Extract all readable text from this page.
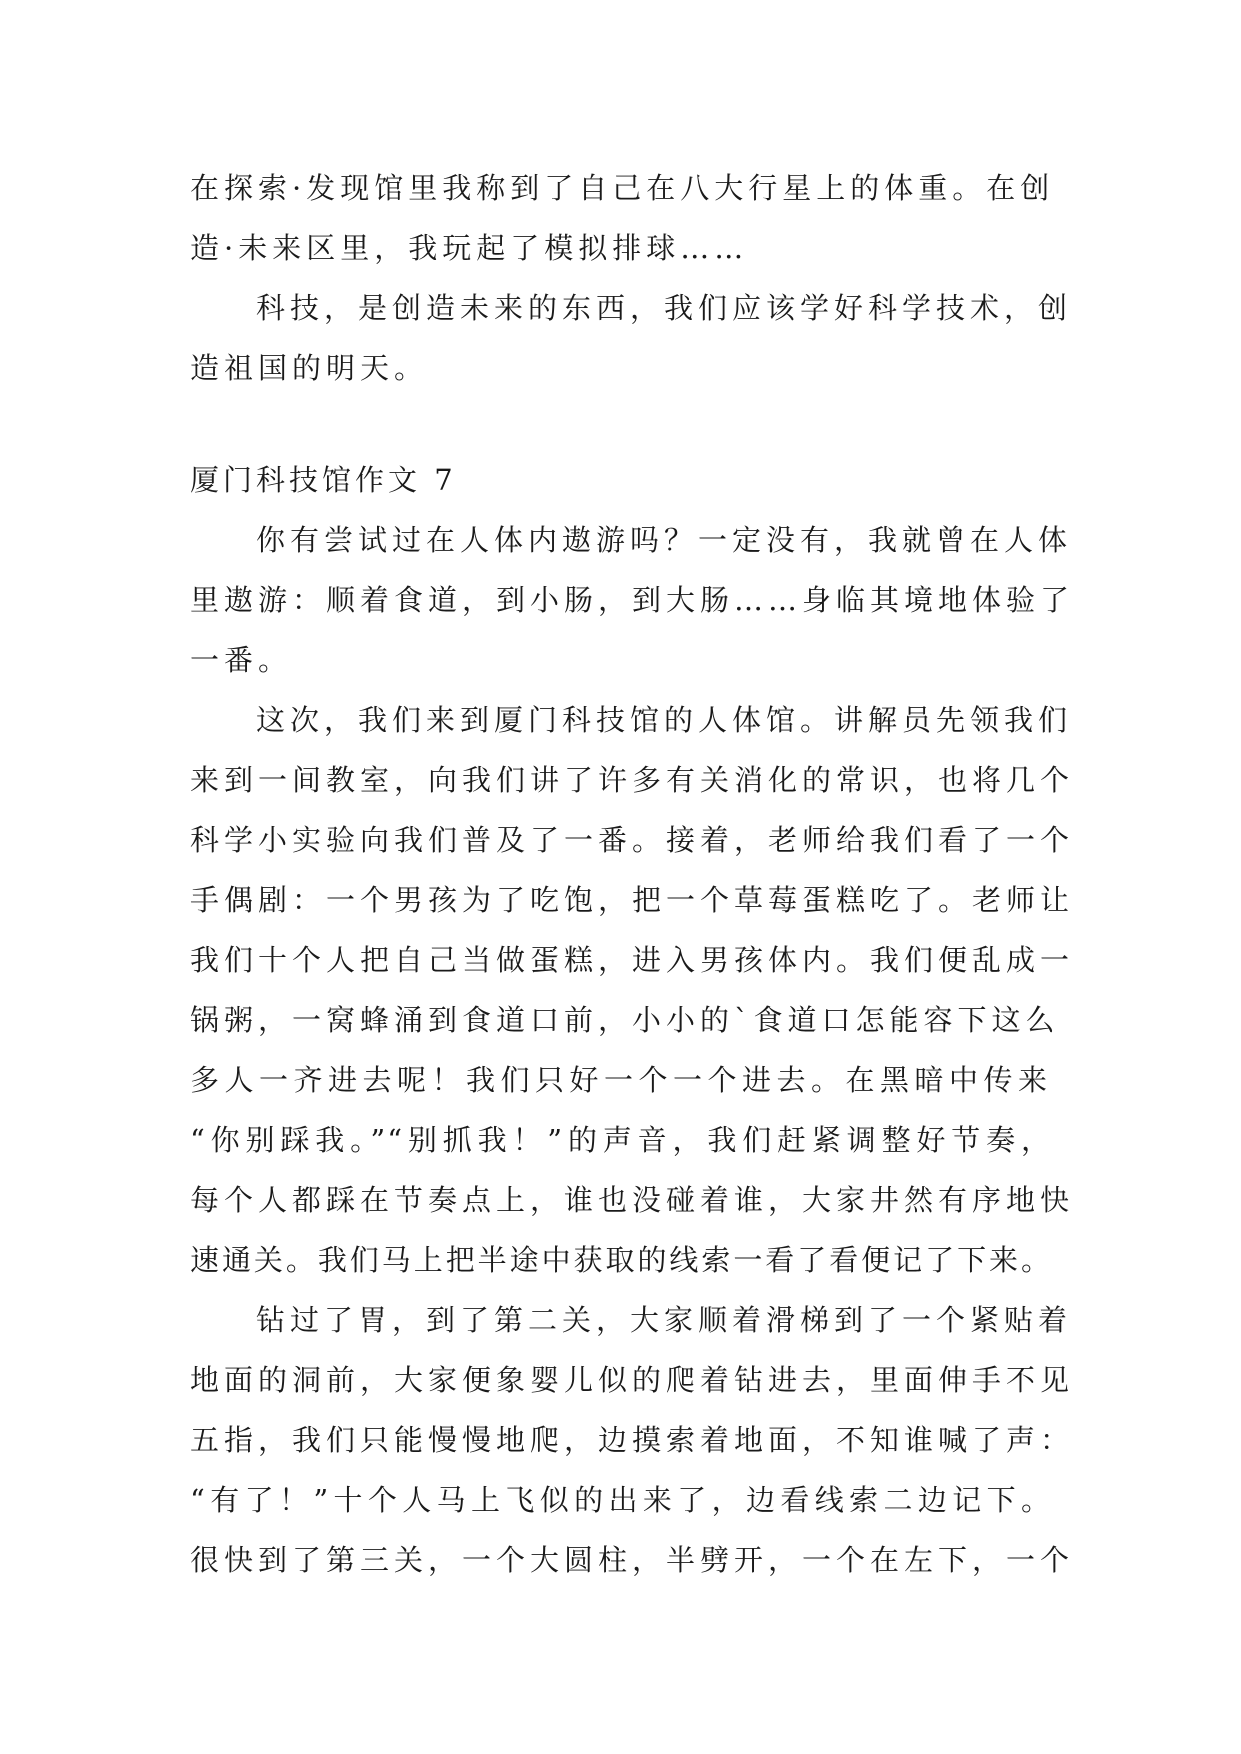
在探索·发现馆里我称到了自己在八大行星上的体重。在创
造·未来区里，我玩起了模拟排球……
科技，是创造未来的东西，我们应该学好科学技术，创
造祖国的明天。
厦门科技馆作文 7
你有尝试过在人体内遨游吗？一定没有，我就曾在人体
里遨游：顺着食道，到小肠，到大肠……身临其境地体验了
一番。
这次，我们来到厦门科技馆的人体馆。讲解员先领我们
来到一间教室，向我们讲了许多有关消化的常识，也将几个
科学小实验向我们普及了一番。接着，老师给我们看了一个
手偶剧：一个男孩为了吃饱，把一个草莓蛋糕吃了。老师让
我们十个人把自己当做蛋糕，进入男孩体内。我们便乱成一
锅粥，一窝蜂涌到食道口前，小小的`食道口怎能容下这么
多人一齐进去呢！我们只好一个一个进去。在黑暗中传来
“你别踩我。”“别抓我！”的声音，我们赶紧调整好节奏，
每个人都踩在节奏点上，谁也没碰着谁，大家井然有序地快
速通关。我们马上把半途中获取的线索一看了看便记了下来。
钻过了胃，到了第二关，大家顺着滑梯到了一个紧贴着
地面的洞前，大家便象婴儿似的爬着钻进去，里面伸手不见
五指，我们只能慢慢地爬，边摸索着地面，不知谁喊了声：
“有了！”十个人马上飞似的出来了，边看线索二边记下。
很快到了第三关，一个大圆柱，半劈开，一个在左下，一个
